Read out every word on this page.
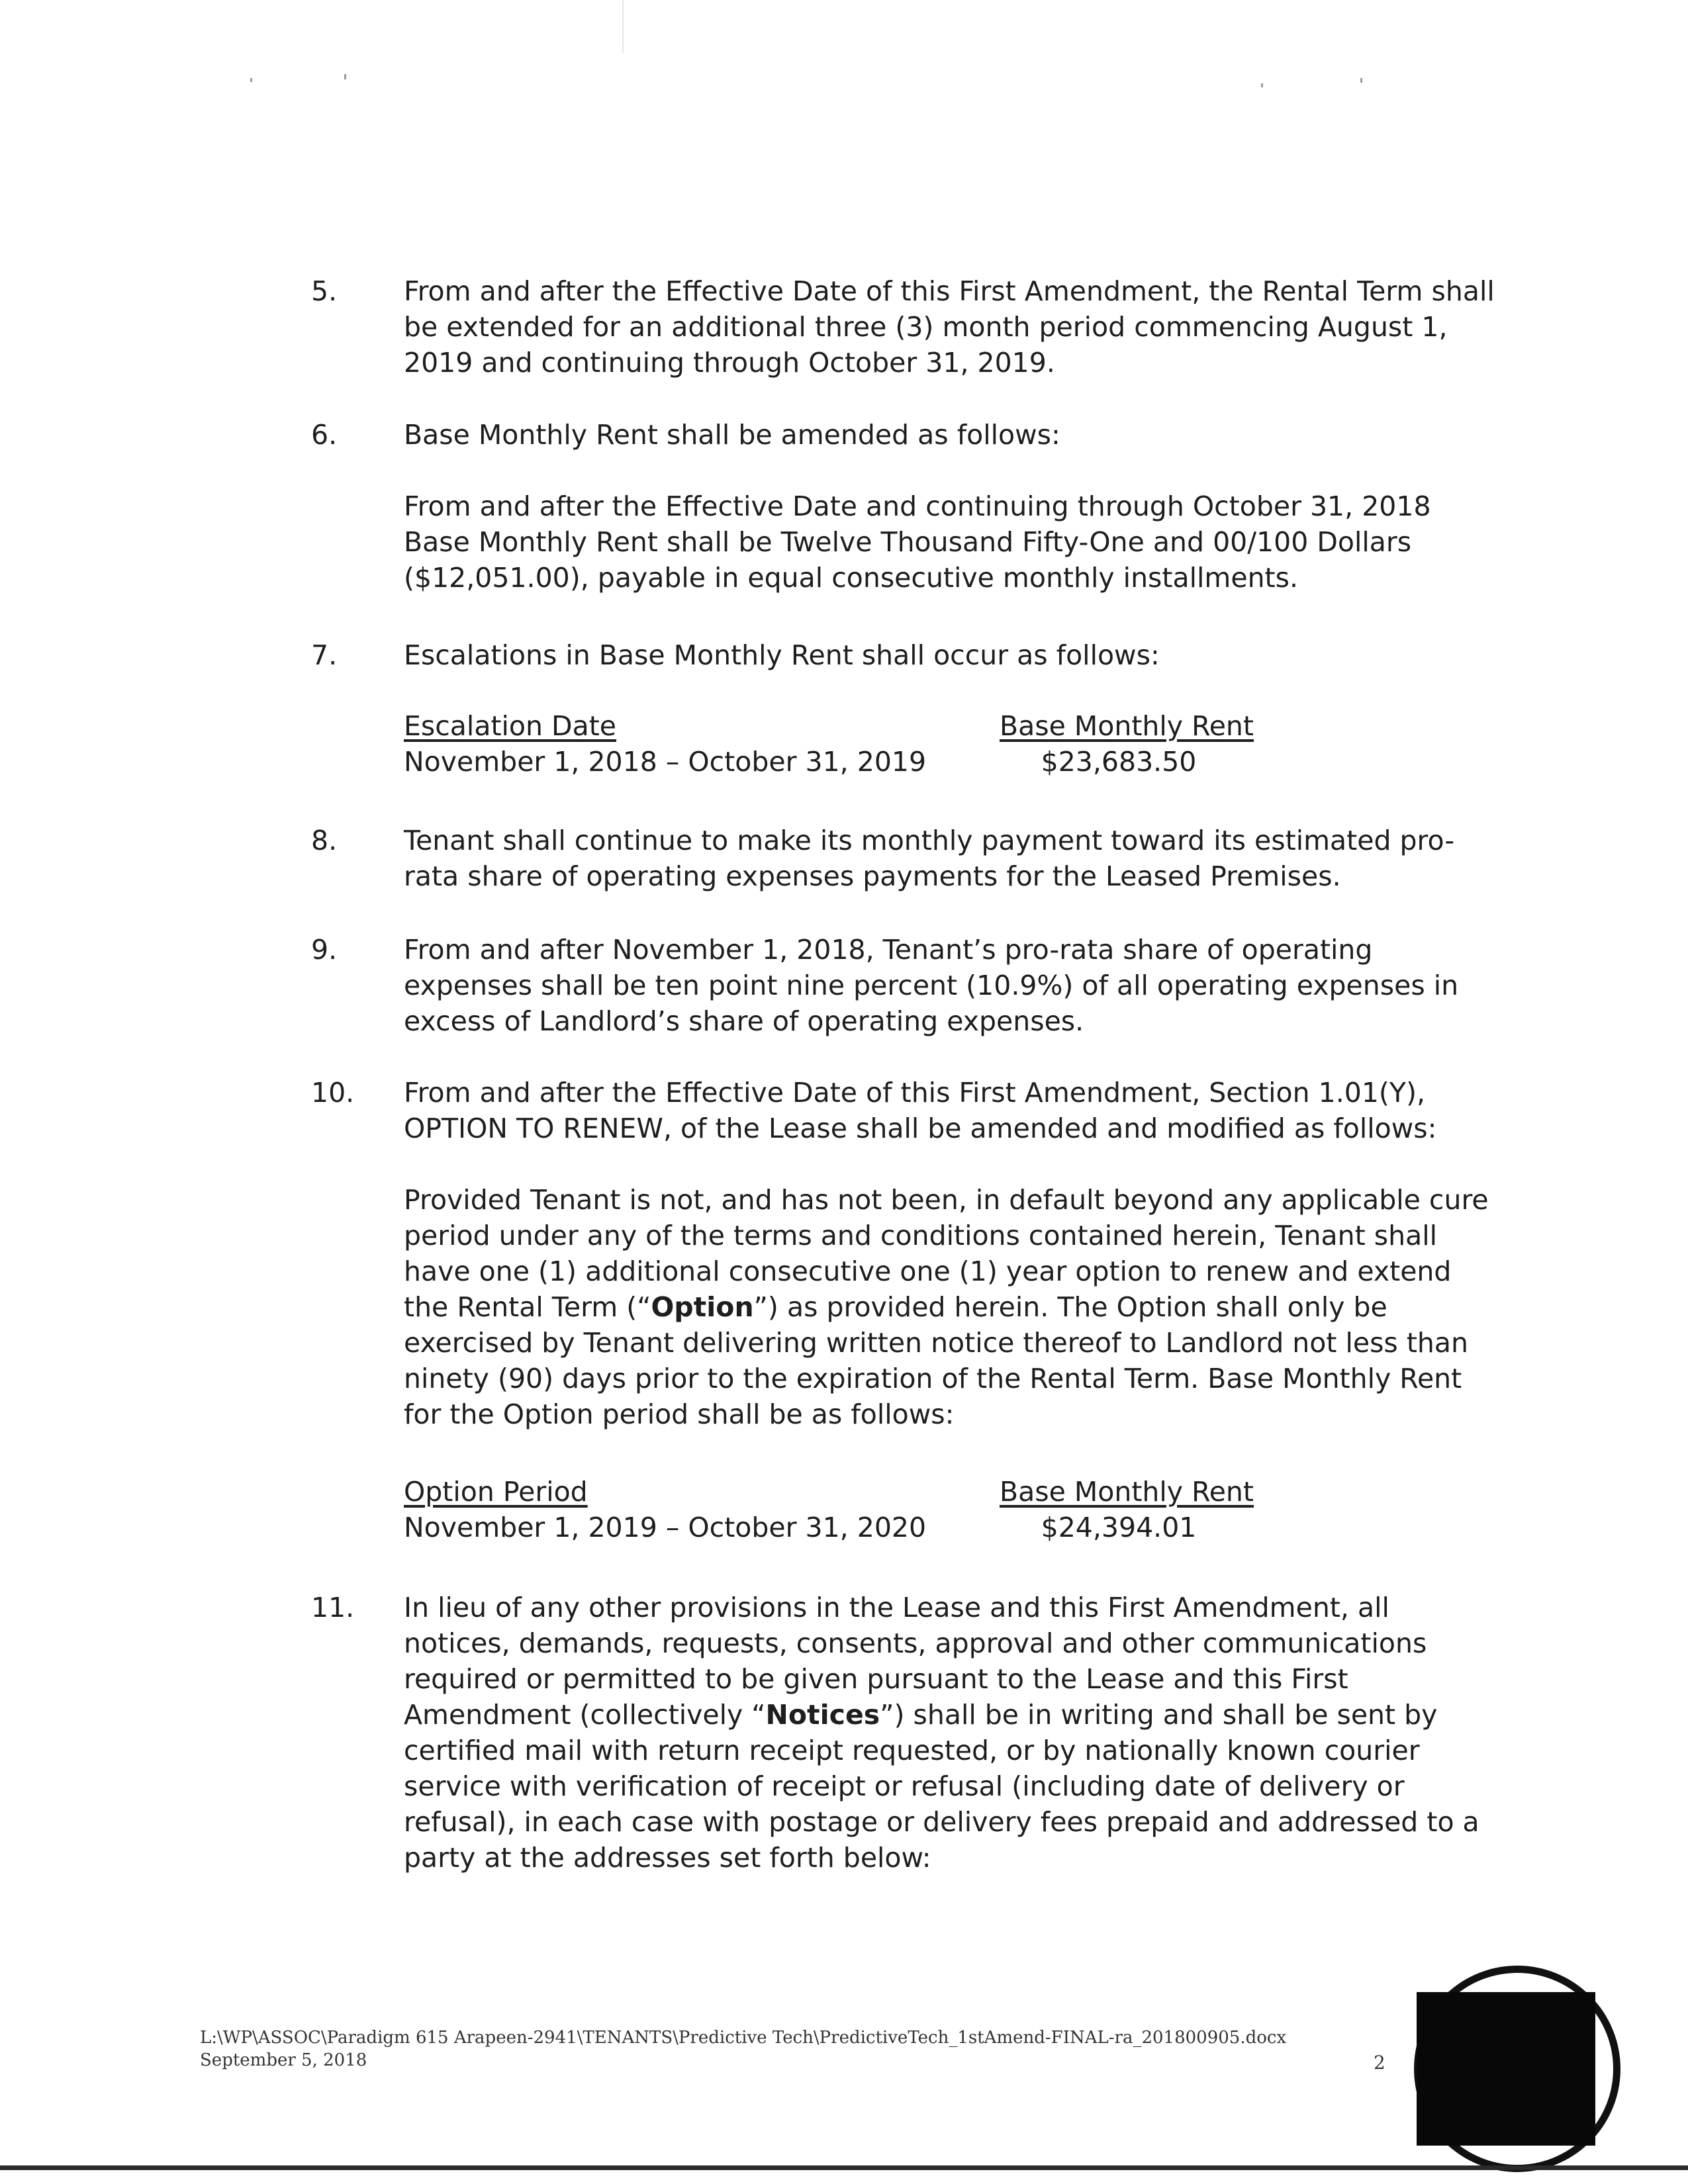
5.	From and after the Effective Date of this First Amendment, the Rental Term shall be extended for an additional three (3) month period commencing August 1, 2019 and continuing through October 31, 2019.

6.	Base Monthly Rent shall be amended as follows:

From and after the Effective Date and continuing through October 31, 2018 Base Monthly Rent shall be Twelve Thousand Fifty-One and 00/100 Dollars ($12,051.00), payable in equal consecutive monthly installments.

7.	Escalations in Base Monthly Rent shall occur as follows:

Escalation Date	Base Monthly Rent
November 1, 2018 – October 31, 2019	$23,683.50
8.	Tenant shall continue to make its monthly payment toward its estimated pro-rata share of operating expenses payments for the Leased Premises.

9.	From and after November 1, 2018, Tenant’s pro-rata share of operating expenses shall be ten point nine percent (10.9%) of all operating expenses in excess of Landlord’s share of operating expenses.

10.	From and after the Effective Date of this First Amendment, Section 1.01(Y), OPTION TO RENEW, of the Lease shall be amended and modified as follows:

Provided Tenant is not, and has not been, in default beyond any applicable cure period under any of the terms and conditions contained herein, Tenant shall have one (1) additional consecutive one (1) year option to renew and extend the Rental Term (“Option”) as provided herein. The Option shall only be exercised by Tenant delivering written notice thereof to Landlord not less than ninety (90) days prior to the expiration of the Rental Term. Base Monthly Rent for the Option period shall be as follows:

Option Period	Base Monthly Rent
November 1, 2019 – October 31, 2020	$24,394.01
11.	In lieu of any other provisions in the Lease and this First Amendment, all notices, demands, requests, consents, approval and other communications required or permitted to be given pursuant to the Lease and this First Amendment (collectively “Notices”) shall be in writing and shall be sent by certified mail with return receipt requested, or by nationally known courier service with verification of receipt or refusal (including date of delivery or refusal), in each case with postage or delivery fees prepaid and addressed to a party at the addresses set forth below:

L:\WP\ASSOC\Paradigm 615 Arapeen-2941\TENANTS\Predictive Tech\PredictiveTech_1stAmend-FINAL-ra_201800905.docx
September 5, 2018	2
